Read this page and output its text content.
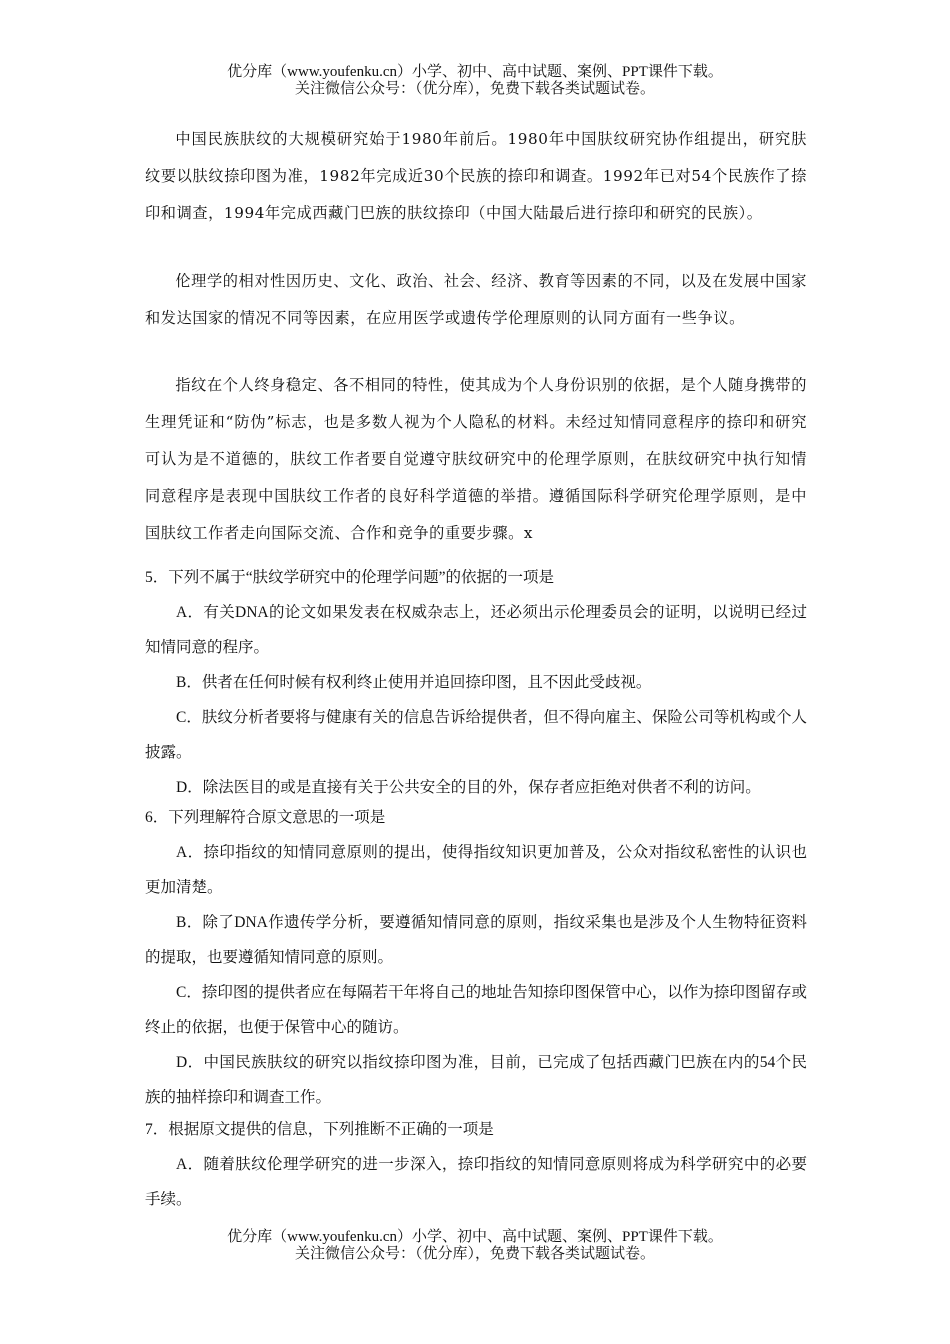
优分库（www.youfenku.cn）小学、初中、高中试题、案例、PPT课件下载。
关注微信公众号：（优分库），免费下载各类试题试卷。

中国民族肤纹的大规模研究始于1980年前后。1980年中国肤纹研究协作组提出，研究肤纹要以肤纹捺印图为准，1982年完成近30个民族的捺印和调查。1992年已对54个民族作了捺印和调查，1994年完成西藏门巴族的肤纹捺印（中国大陆最后进行捺印和研究的民族）。

伦理学的相对性因历史、文化、政治、社会、经济、教育等因素的不同，以及在发展中国家和发达国家的情况不同等因素，在应用医学或遗传学伦理原则的认同方面有一些争议。

指纹在个人终身稳定、各不相同的特性，使其成为个人身份识别的依据，是个人随身携带的生理凭证和“防伪”标志，也是多数人视为个人隐私的材料。未经过知情同意程序的捺印和研究可认为是不道德的，肤纹工作者要自觉遵守肤纹研究中的伦理学原则，在肤纹研究中执行知情同意程序是表现中国肤纹工作者的良好科学道德的举措。遵循国际科学研究伦理学原则，是中国肤纹工作者走向国际交流、合作和竞争的重要步骤。x

5．下列不属于“肤纹学研究中的伦理学问题”的依据的一项是

A．有关DNA的论文如果发表在权威杂志上，还必须出示伦理委员会的证明，以说明已经过知情同意的程序。

B．供者在任何时候有权利终止使用并追回捺印图，且不因此受歧视。

C．肤纹分析者要将与健康有关的信息告诉给提供者，但不得向雇主、保险公司等机构或个人披露。

D．除法医目的或是直接有关于公共安全的目的外，保存者应拒绝对供者不利的访问。

6．下列理解符合原文意思的一项是

A．捺印指纹的知情同意原则的提出，使得指纹知识更加普及，公众对指纹私密性的认识也更加清楚。

B．除了DNA作遗传学分析，要遵循知情同意的原则，指纹采集也是涉及个人生物特征资料的提取，也要遵循知情同意的原则。

C．捺印图的提供者应在每隔若干年将自己的地址告知捺印图保管中心，以作为捺印图留存或终止的依据，也便于保管中心的随访。

D．中国民族肤纹的研究以指纹捺印图为准，目前，已完成了包括西藏门巴族在内的54个民族的抽样捺印和调查工作。

7．根据原文提供的信息，下列推断不正确的一项是

A．随着肤纹伦理学研究的进一步深入，捺印指纹的知情同意原则将成为科学研究中的必要手续。

优分库（www.youfenku.cn）小学、初中、高中试题、案例、PPT课件下载。
关注微信公众号：（优分库），免费下载各类试题试卷。
